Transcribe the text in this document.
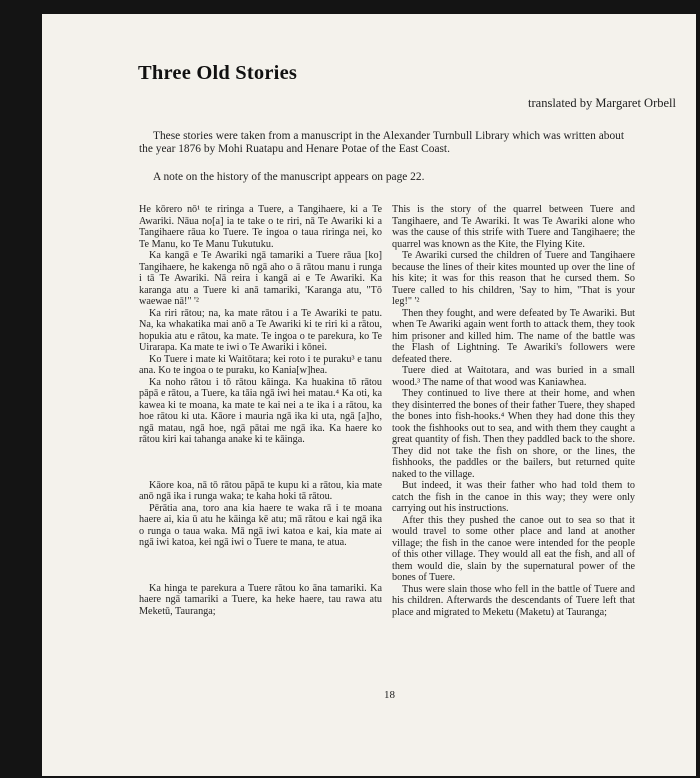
Three Old Stories
translated by Margaret Orbell
These stories were taken from a manuscript in the Alexander Turnbull Library which was written about the year 1876 by Mohi Ruatapu and Henare Potae of the East Coast.
A note on the history of the manuscript appears on page 22.

He kōrero nō¹ te riringa a Tuere, a Tangihaere, ki a Te Awariki. Nāua no[a] ia te take o te riri, nā Te Awariki ki a Tangihaere rāua ko Tuere. Te ingoa o taua riringa nei, ko Te Manu, ko Te Manu Tukutuku.

Ka kangā e Te Awariki ngā tamariki a Tuere rāua [ko] Tangihaere, he kakenga nō ngā aho o ā rātou manu i runga i tā Te Awariki. Nā reira i kangā ai e Te Awariki. Ka karanga atu a Tuere ki anā tamariki, 'Karanga atu, "Tō waewae nā!" '²

Ka riri rātou; na, ka mate rātou i a Te Awariki te patu. Na, ka whakatika mai anō a Te Awariki ki te riri ki a rātou, hopukia atu e rātou, ka mate. Te ingoa o te parekura, ko Te Uirarapa. Ka mate te iwi o Te Awariki i kōnei.

Ko Tuere i mate ki Waitōtara; kei roto i te puraku³ e tanu ana. Ko te ingoa o te puraku, ko Kania[w]hea.

Ka noho rātou i tō rātou kāinga. Ka huakina tō rātou pāpā e rātou, a Tuere, ka tāia ngā iwi hei matau.⁴ Ka oti, ka kawea ki te moana, ka mate te kai nei a te ika i a rātou, ka hoe rātou ki uta. Kāore i mauria ngā ika ki uta, ngā [a]ho, ngā matau, ngā hoe, ngā pātai me ngā ika. Ka haere ko rātou kiri kai tahanga anake ki te kāinga.

Kāore koa, nā tō rātou pāpā te kupu ki a rātou, kia mate anō ngā ika i runga waka; te kaha hoki tā rātou.

Pērātia ana, toro ana kia haere te waka rā i te moana haere ai, kia ū atu he kāinga kē atu; mā rātou e kai ngā ika o runga o taua waka. Mā ngā iwi katoa e kai, kia mate ai ngā iwi katoa, kei ngā iwi o Tuere te mana, te atua.

Ka hinga te parekura a Tuere rātou ko āna tamariki. Ka haere ngā tamariki a Tuere, ka heke haere, tau rawa atu Meketū, Tauranga;

This is the story of the quarrel between Tuere and Tangihaere, and Te Awariki. It was Te Awariki alone who was the cause of this strife with Tuere and Tangihaere; the quarrel was known as the Kite, the Flying Kite.

Te Awariki cursed the children of Tuere and Tangihaere because the lines of their kites mounted up over the line of his kite; it was for this reason that he cursed them. So Tuere called to his children, 'Say to him, "That is your leg!" '²

Then they fought, and were defeated by Te Awariki. But when Te Awariki again went forth to attack them, they took him prisoner and killed him. The name of the battle was the Flash of Lightning. Te Awariki's followers were defeated there.

Tuere died at Waitotara, and was buried in a small wood.³ The name of that wood was Kaniawhea.

They continued to live there at their home, and when they disinterred the bones of their father Tuere, they shaped the bones into fish-hooks.⁴ When they had done this they took the fishhooks out to sea, and with them they caught a great quantity of fish. Then they paddled back to the shore. They did not take the fish on shore, or the lines, the fishhooks, the paddles or the bailers, but returned quite naked to the village.

But indeed, it was their father who had told them to catch the fish in the canoe in this way; they were only carrying out his instructions.

After this they pushed the canoe out to sea so that it would travel to some other place and land at another village; the fish in the canoe were intended for the people of this other village. They would all eat the fish, and all of them would die, slain by the supernatural power of the bones of Tuere.

Thus were slain those who fell in the battle of Tuere and his children. Afterwards the descendants of Tuere left that place and migrated to Meketu (Maketu) at Tauranga;

18
